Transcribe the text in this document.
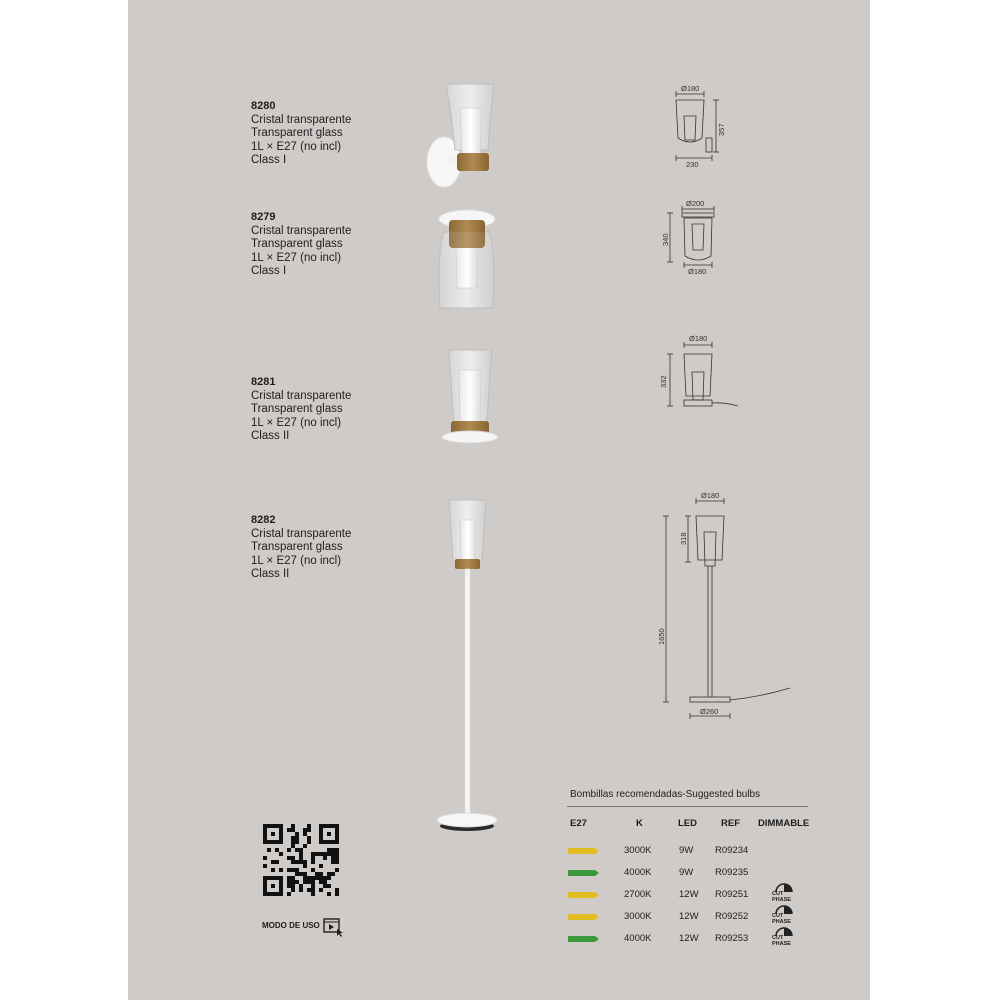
8280
Cristal transparente
Transparent glass
1L × E27 (no incl)
Class I
8279
Cristal transparente
Transparent glass
1L × E27 (no incl)
Class I
8281
Cristal transparente
Transparent glass
1L × E27 (no incl)
Class II
8282
Cristal transparente
Transparent glass
1L × E27 (no incl)
Class II
Ø180
357
230
Ø200
340
Ø180
Ø180
332
Ø180
318
1650
Ø260
Bombillas recomendadas-Suggested bulbs
E27	K	LED	REF DIMMABLE
3000K	9W R09234
4000K	9W R09235
2700K	12W R09251	CUT
PHASE
3000K	12W R09252	CUT
PHASE
4000K	12W R09253	CUT
PHASE
MODO DE USO
